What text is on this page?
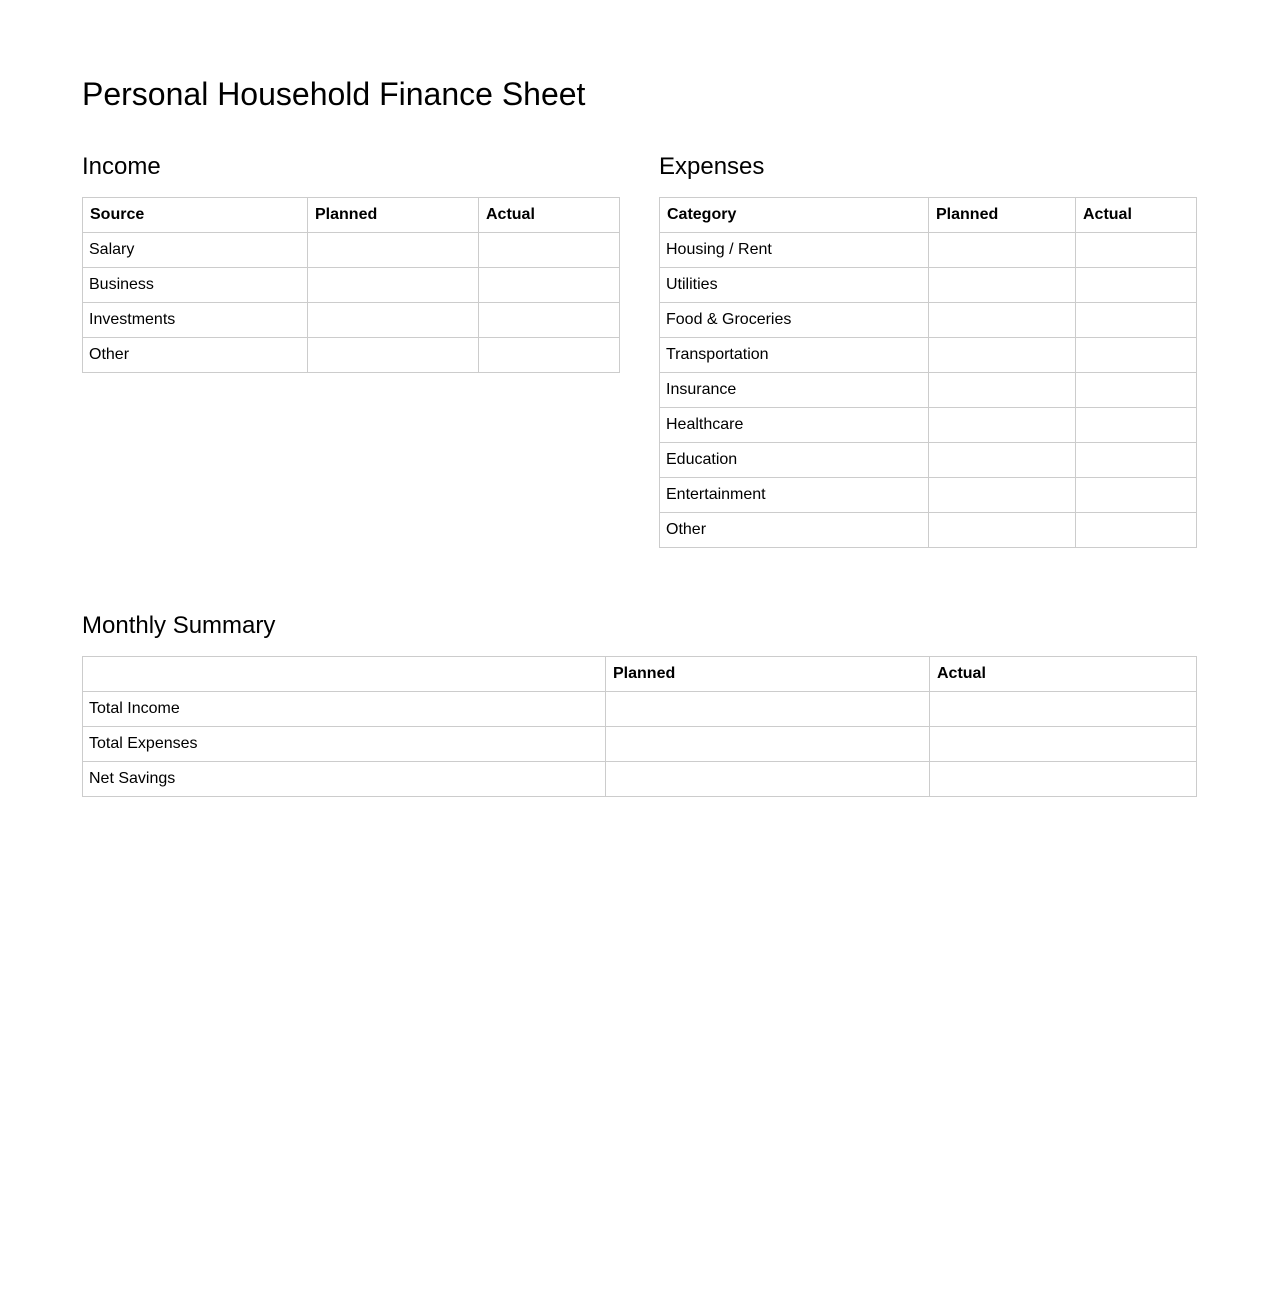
Personal Household Finance Sheet
Income
Source	Planned	Actual
Salary		
Business		
Investments		
Other		
Expenses
Category	Planned	Actual
Housing / Rent		
Utilities		
Food & Groceries		
Transportation		
Insurance		
Healthcare		
Education		
Entertainment		
Other		
Monthly Summary
	Planned	Actual
Total Income		
Total Expenses		
Net Savings		
